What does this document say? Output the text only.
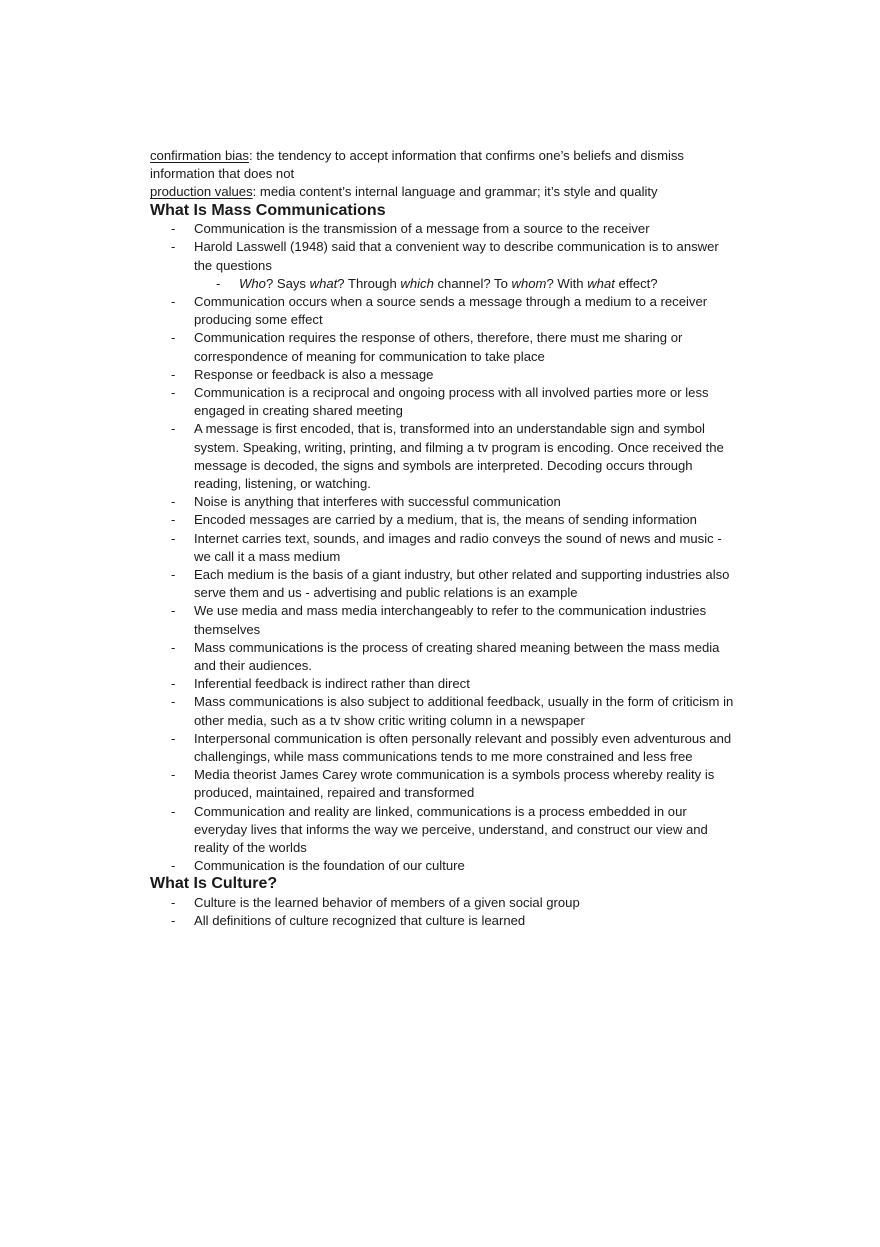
confirmation bias: the tendency to accept information that confirms one’s beliefs and dismiss information that does not

production values: media content’s internal language and grammar; it’s style and quality

What Is Mass Communications
- Communication is the transmission of a message from a source to the receiver
- Harold Lasswell (1948) said that a convenient way to describe communication is to answer the questions
- Who? Says what? Through which channel? To whom? With what effect?
- Communication occurs when a source sends a message through a medium to a receiver producing some effect
- Communication requires the response of others, therefore, there must me sharing or correspondence of meaning for communication to take place
- Response or feedback is also a message
- Communication is a reciprocal and ongoing process with all involved parties more or less engaged in creating shared meeting
- A message is first encoded, that is, transformed into an understandable sign and symbol system. Speaking, writing, printing, and filming a tv program is encoding. Once received the message is decoded, the signs and symbols are interpreted. Decoding occurs through reading, listening, or watching.
- Noise is anything that interferes with successful communication
- Encoded messages are carried by a medium, that is, the means of sending information
- Internet carries text, sounds, and images and radio conveys the sound of news and music - we call it a mass medium
- Each medium is the basis of a giant industry, but other related and supporting industries also serve them and us - advertising and public relations is an example
- We use media and mass media interchangeably to refer to the communication industries themselves
- Mass communications is the process of creating shared meaning between the mass media and their audiences.
- Inferential feedback is indirect rather than direct
- Mass communications is also subject to additional feedback, usually in the form of criticism in other media, such as a tv show critic writing column in a newspaper
- Interpersonal communication is often personally relevant and possibly even adventurous and challengings, while mass communications tends to me more constrained and less free
- Media theorist James Carey wrote communication is a symbols process whereby reality is produced, maintained, repaired and transformed
- Communication and reality are linked, communications is a process embedded in our everyday lives that informs the way we perceive, understand, and construct our view and reality of the worlds
- Communication is the foundation of our culture
What Is Culture?
- Culture is the learned behavior of members of a given social group
- All definitions of culture recognized that culture is learned
